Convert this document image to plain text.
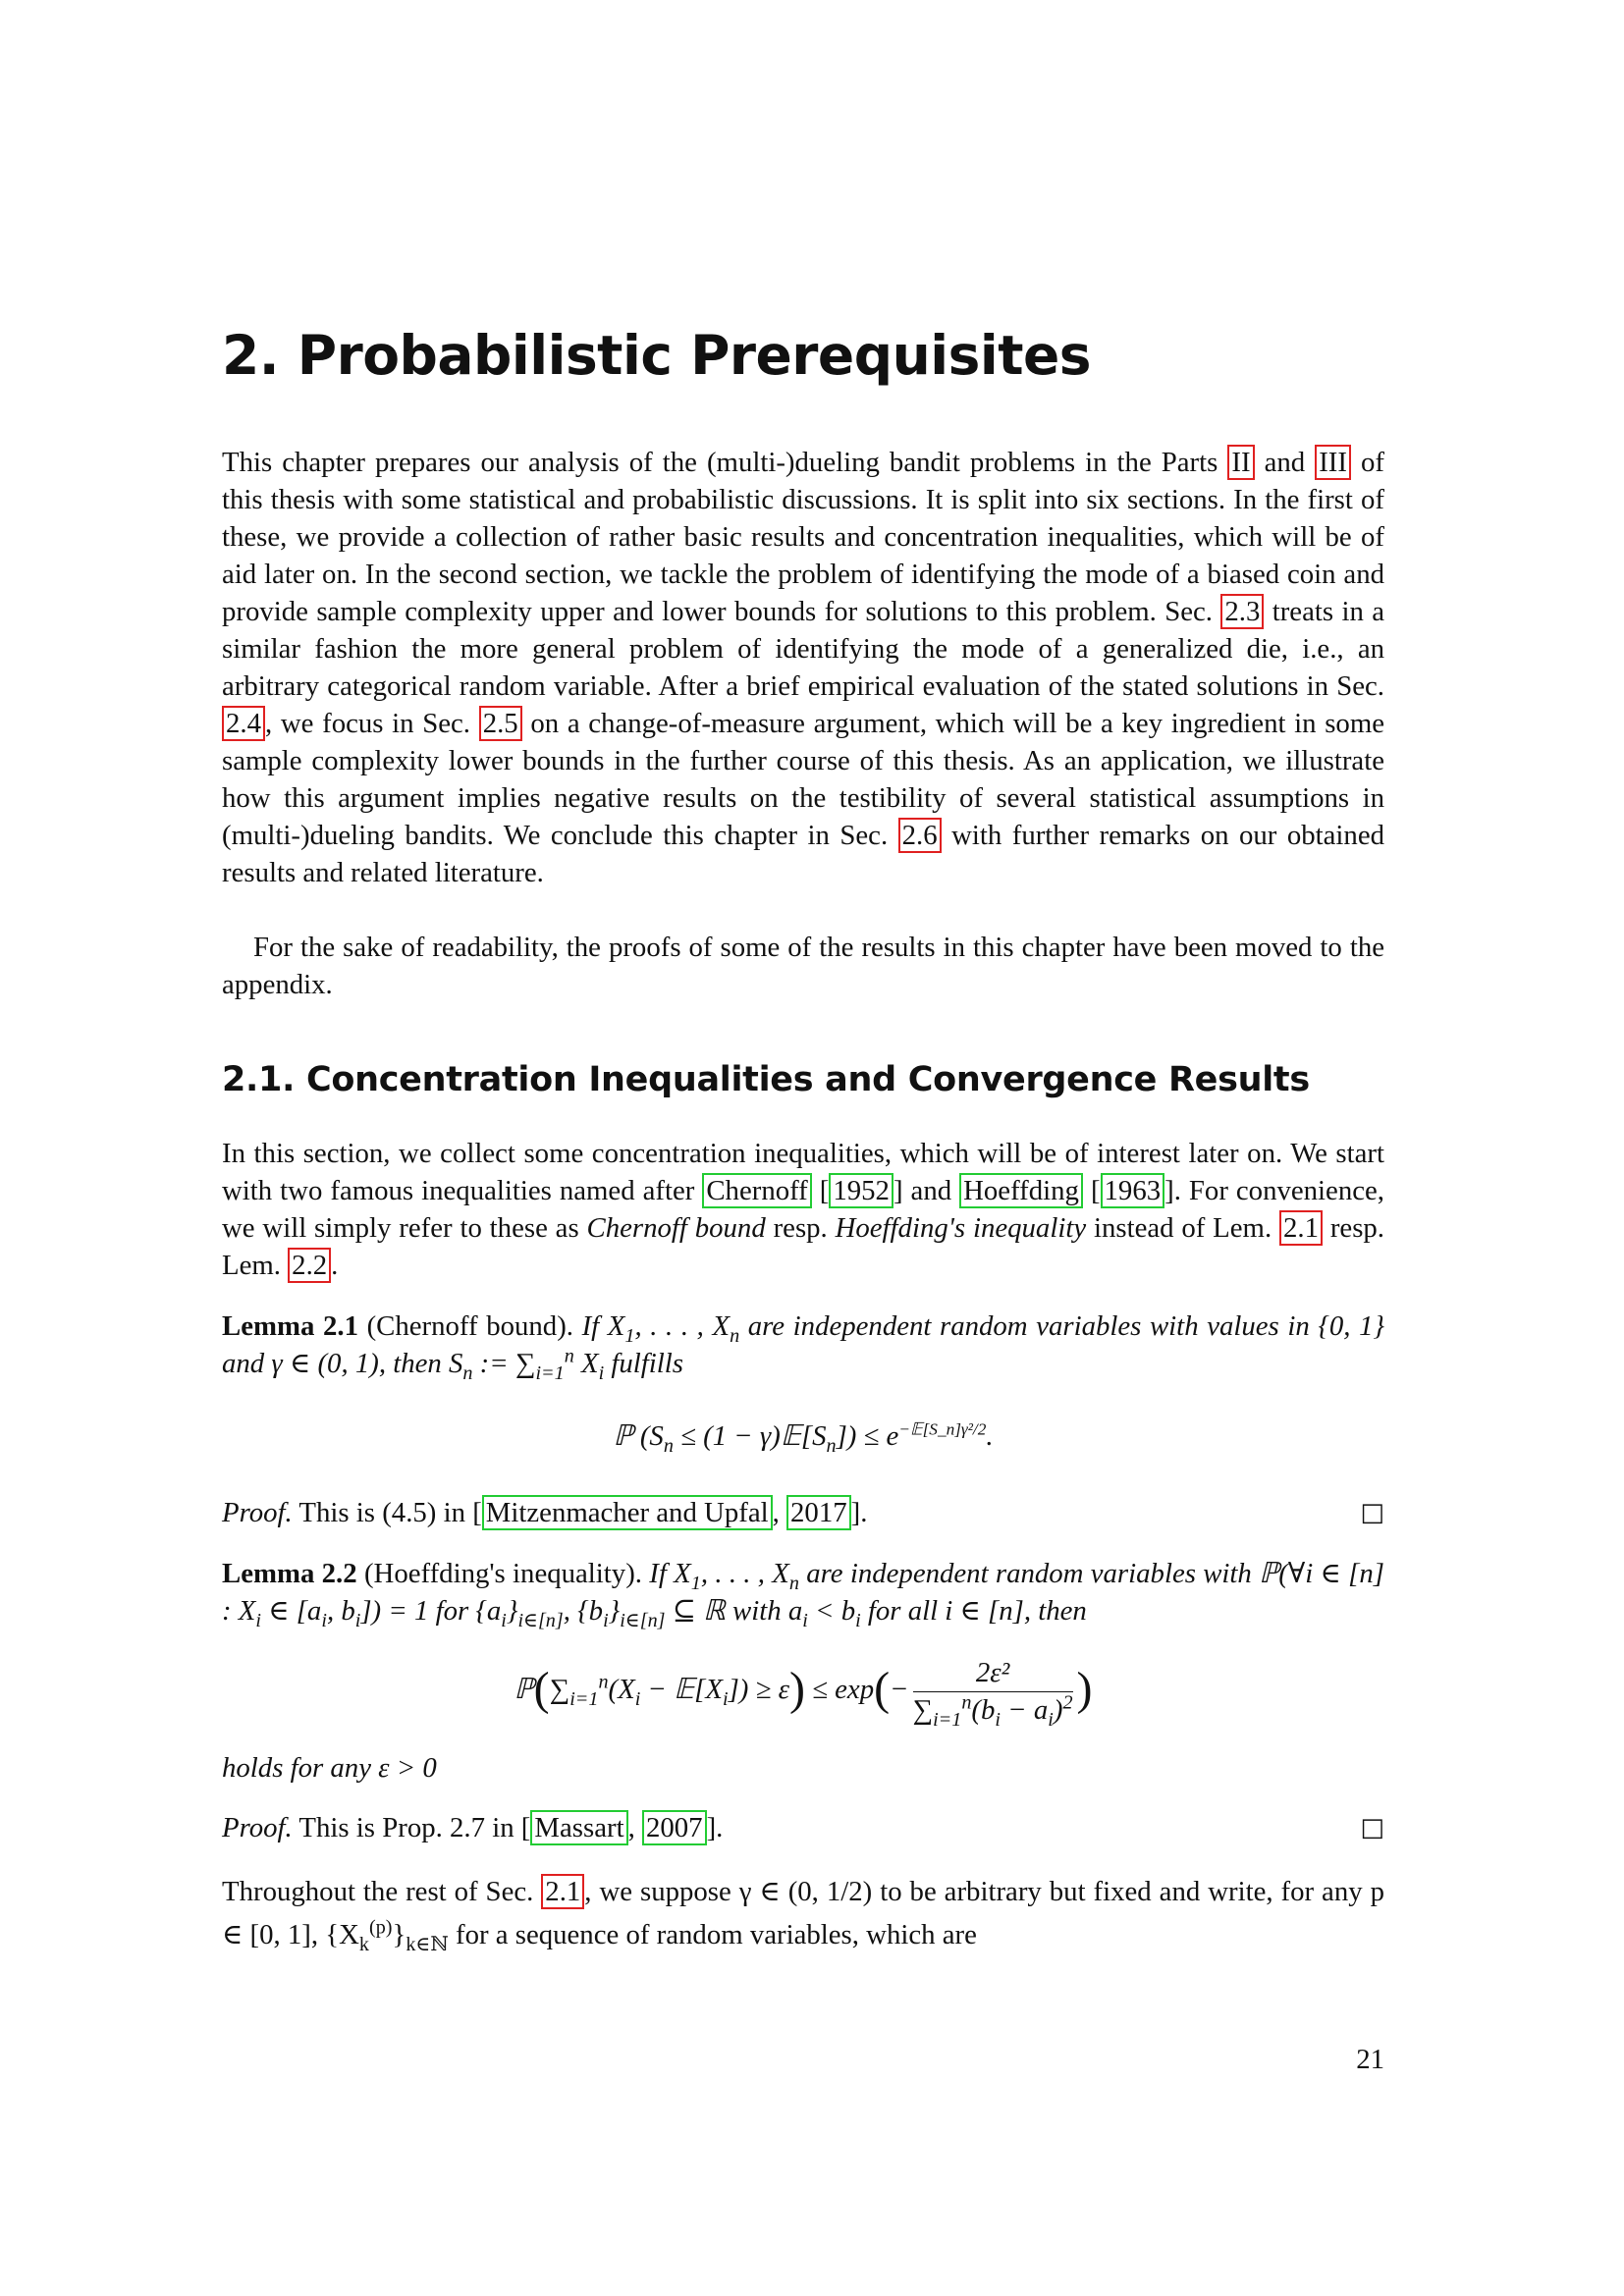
2. Probabilistic Prerequisites

This chapter prepares our analysis of the (multi-)dueling bandit problems in the Parts II and III of this thesis with some statistical and probabilistic discussions. It is split into six sections. In the first of these, we provide a collection of rather basic results and concentration inequalities, which will be of aid later on. In the second section, we tackle the problem of identifying the mode of a biased coin and provide sample complexity upper and lower bounds for solutions to this problem. Sec. 2.3 treats in a similar fashion the more general problem of identifying the mode of a generalized die, i.e., an arbitrary categorical random variable. After a brief empirical evaluation of the stated solutions in Sec. 2.4 , we focus in Sec. 2.5 on a change-of-measure argument, which will be a key ingredient in some sample complexity lower bounds in the further course of this thesis. As an application, we illustrate how this argument implies negative results on the testibility of several statistical assumptions in (multi-)dueling bandits. We conclude this chapter in Sec. 2.6 with further remarks on our obtained results and related literature.

For the sake of readability, the proofs of some of the results in this chapter have been moved to the appendix.

2.1. Concentration Inequalities and Convergence Results

In this section, we collect some concentration inequalities, which will be of interest later on. We start with two famous inequalities named after Chernoff [ 1952 ] and Hoeffding [ 1963 ]. For convenience, we will simply refer to these as Chernoff bound resp. Hoeffding's inequality instead of Lem. 2.1 resp. Lem. 2.2 .

Lemma 2.1 (Chernoff bound). If $X_1$, . . . , $X_n$ are independent random variables with values in {0, 1} and γ ∈ (0, 1), then $S_n$ := $\sum_{i=1}^n$ $X_i$ fulfills

ℙ ($S_n \le (1$ − $\gamma)𝔼[S_n]) \le e^{-𝔼[S\_n]\gamma^2/2}$.
Proof. This is (4.5) in [ Mitzenmacher and Upfal , 2017 ].	□

Lemma 2.2 (Hoeffding's inequality). If $X_1$, . . . , $X_n$ are independent random variables with ℙ(∀i ∈ [n] : $X_i$ ∈ [$a_i$, $b_i]) = 1$ for $\{a_i\}_{i\in[n]}$, $\{b_i\}_{i\in[n]}$ ⊆ ℝ with $a_i < b_i$ for all i ∈ [n], then

$ℙ(\sum_{i=1}^n(X_i$ − $𝔼[X_i]) \ge \varepsilon) \le \exp(- \frac{\text{2ε²}}{\sum_{i=1}^n(b_i - a_i)^2}$ )
holds for any ε > 0
Proof. This is Prop. 2.7 in [ Massart , 2007 ].	□

Throughout the rest of Sec. 2.1 , we suppose γ ∈ (0, 1/2) to be arbitrary but fixed and write, for any p ∈ [0, 1], $\{X_k^{(p)}\}_{k\in ℕ}$ for a sequence of random variables, which are

21
